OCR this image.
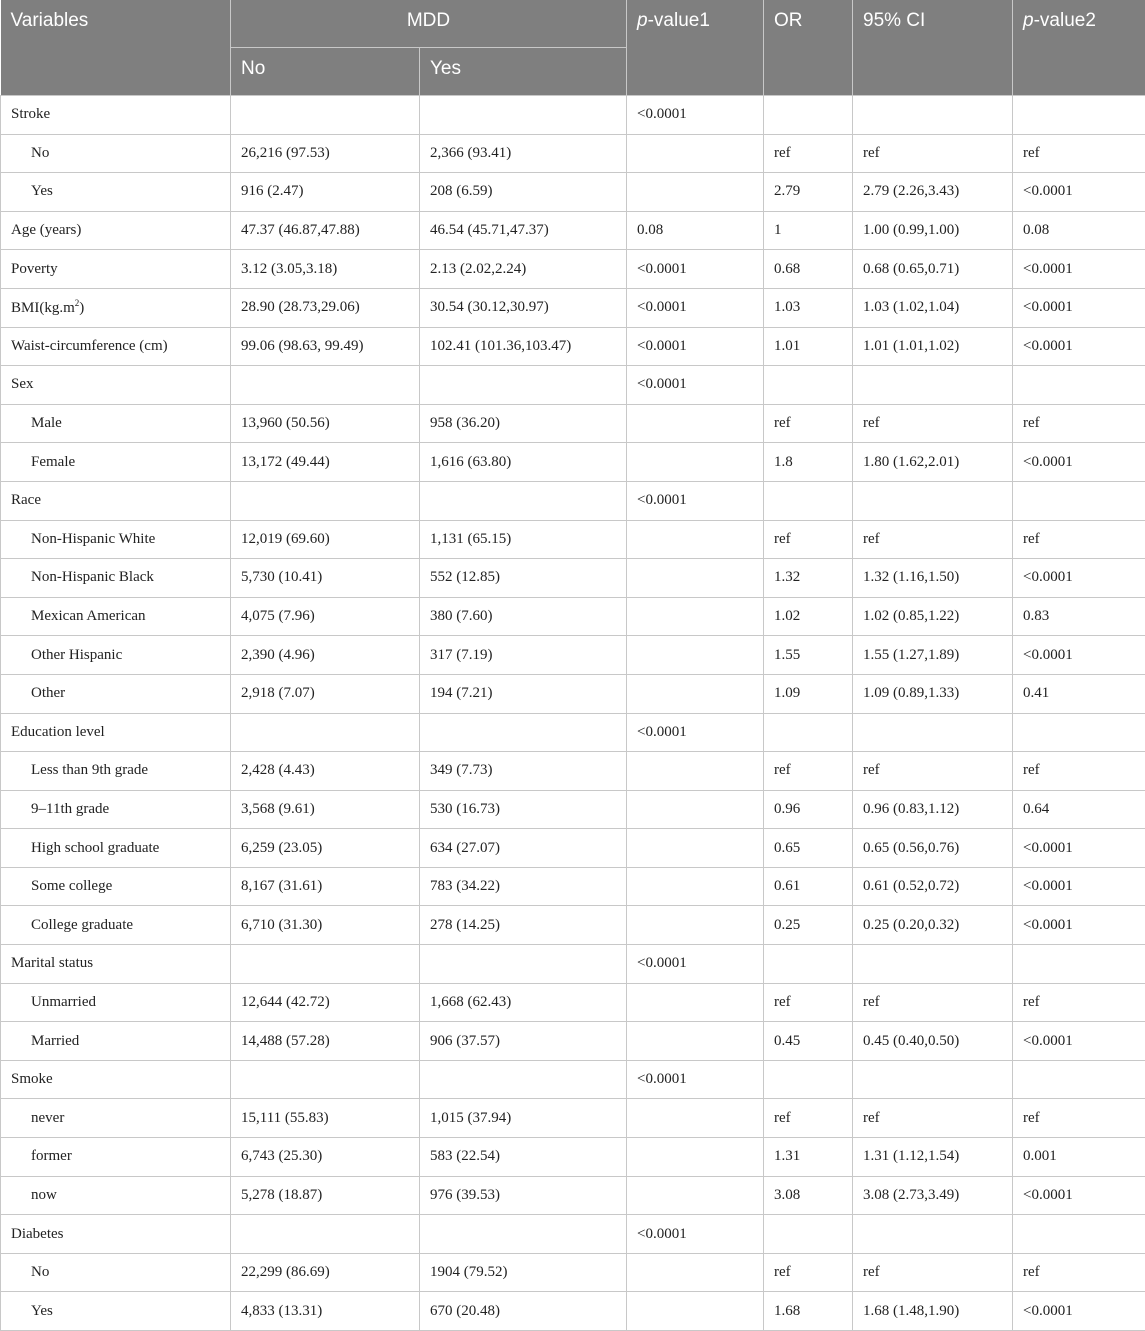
Variables	MDD		p-value1	OR	95% CI	p-value2
	No	Yes				
Stroke			<0.0001			
No	26,216 (97.53)	2,366 (93.41)		ref	ref	ref
Yes	916 (2.47)	208 (6.59)		2.79	2.79 (2.26,3.43)	<0.0001
Age (years)	47.37 (46.87,47.88)	46.54 (45.71,47.37)	0.08	1	1.00 (0.99,1.00)	0.08
Poverty	3.12 (3.05,3.18)	2.13 (2.02,2.24)	<0.0001	0.68	0.68 (0.65,0.71)	<0.0001
$BMI(kg.m^2)$	28.90 (28.73,29.06)	30.54 (30.12,30.97)	<0.0001	1.03	1.03 (1.02,1.04)	<0.0001
Waist-circumference (cm)	99.06 (98.63, 99.49)	102.41 (101.36,103.47)	<0.0001	1.01	1.01 (1.01,1.02)	<0.0001
Sex			<0.0001			
Male	13,960 (50.56)	958 (36.20)		ref	ref	ref
Female	13,172 (49.44)	1,616 (63.80)		1.8	1.80 (1.62,2.01)	<0.0001
Race			<0.0001			
Non-Hispanic White	12,019 (69.60)	1,131 (65.15)		ref	ref	ref
Non-Hispanic Black	5,730 (10.41)	552 (12.85)		1.32	1.32 (1.16,1.50)	<0.0001
Mexican American	4,075 (7.96)	380 (7.60)		1.02	1.02 (0.85,1.22)	0.83
Other Hispanic	2,390 (4.96)	317 (7.19)		1.55	1.55 (1.27,1.89)	<0.0001
Other	2,918 (7.07)	194 (7.21)		1.09	1.09 (0.89,1.33)	0.41
Education level			<0.0001			
Less than 9th grade	2,428 (4.43)	349 (7.73)		ref	ref	ref
9–11th grade	3,568 (9.61)	530 (16.73)		0.96	0.96 (0.83,1.12)	0.64
High school graduate	6,259 (23.05)	634 (27.07)		0.65	0.65 (0.56,0.76)	<0.0001
Some college	8,167 (31.61)	783 (34.22)		0.61	0.61 (0.52,0.72)	<0.0001
College graduate	6,710 (31.30)	278 (14.25)		0.25	0.25 (0.20,0.32)	<0.0001
Marital status			<0.0001			
Unmarried	12,644 (42.72)	1,668 (62.43)		ref	ref	ref
Married	14,488 (57.28)	906 (37.57)		0.45	0.45 (0.40,0.50)	<0.0001
Smoke			<0.0001			
never	15,111 (55.83)	1,015 (37.94)		ref	ref	ref
former	6,743 (25.30)	583 (22.54)		1.31	1.31 (1.12,1.54)	0.001
now	5,278 (18.87)	976 (39.53)		3.08	3.08 (2.73,3.49)	<0.0001
Diabetes			<0.0001			
No	22,299 (86.69)	1904 (79.52)		ref	ref	ref
Yes	4,833 (13.31)	670 (20.48)		1.68	1.68 (1.48,1.90)	<0.0001
